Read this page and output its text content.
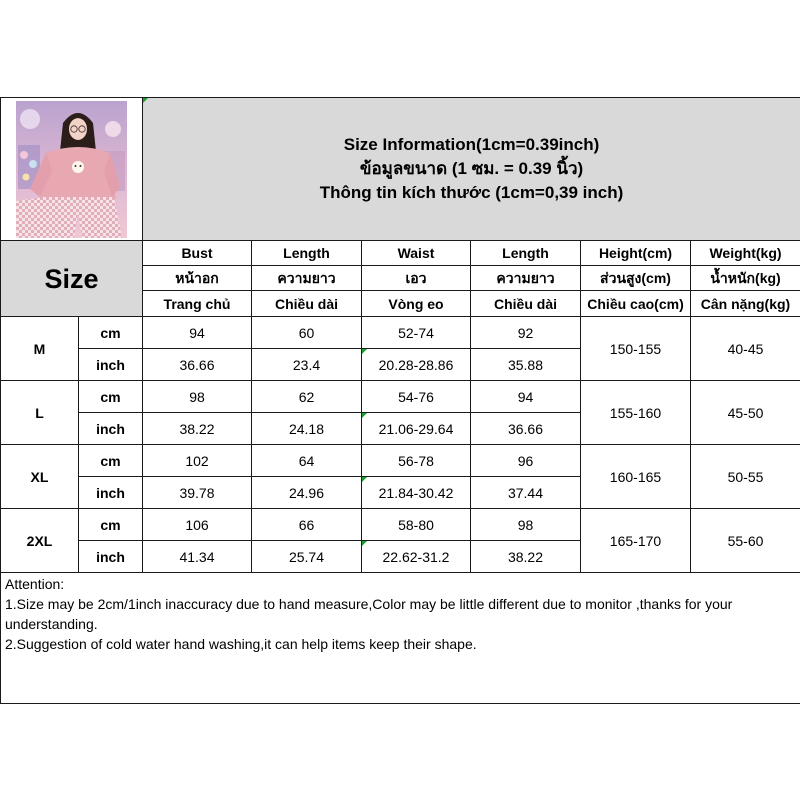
Size Information(1cm=0.39inch)
ข้อมูลขนาด (1 ซม. = 0.39 นิ้ว)
Thông tin kích thước (1cm=0,39 inch)					

Size		Bust	Length	Waist	Length	Height(cm)	Weight(kg)
		หน้าอก	ความยาว	เอว	ความยาว	ส่วนสูง(cm)	น้ำหนัก(kg)
		Trang chủ	Chiều dài	Vòng eo	Chiều dài	Chiều cao(cm)	Cân nặng(kg)
M	cm	94	60	52-74	92	150-155	40-45
	inch	36.66	23.4	20.28-28.86	35.88		
L	cm	98	62	54-76	94	155-160	45-50
	inch	38.22	24.18	21.06-29.64	36.66		
XL	cm	102	64	56-78	96	160-165	50-55
	inch	39.78	24.96	21.84-30.42	37.44		
2XL	cm	106	66	58-80	98	165-170	55-60
	inch	41.34	25.74	22.62-31.2	38.22		

Attention:
1.Size may be 2cm/1inch inaccuracy due to hand measure,Color may be little different due to monitor ,thanks for your understanding.
2.Suggestion of cold water hand washing,it can help items keep their shape.							
